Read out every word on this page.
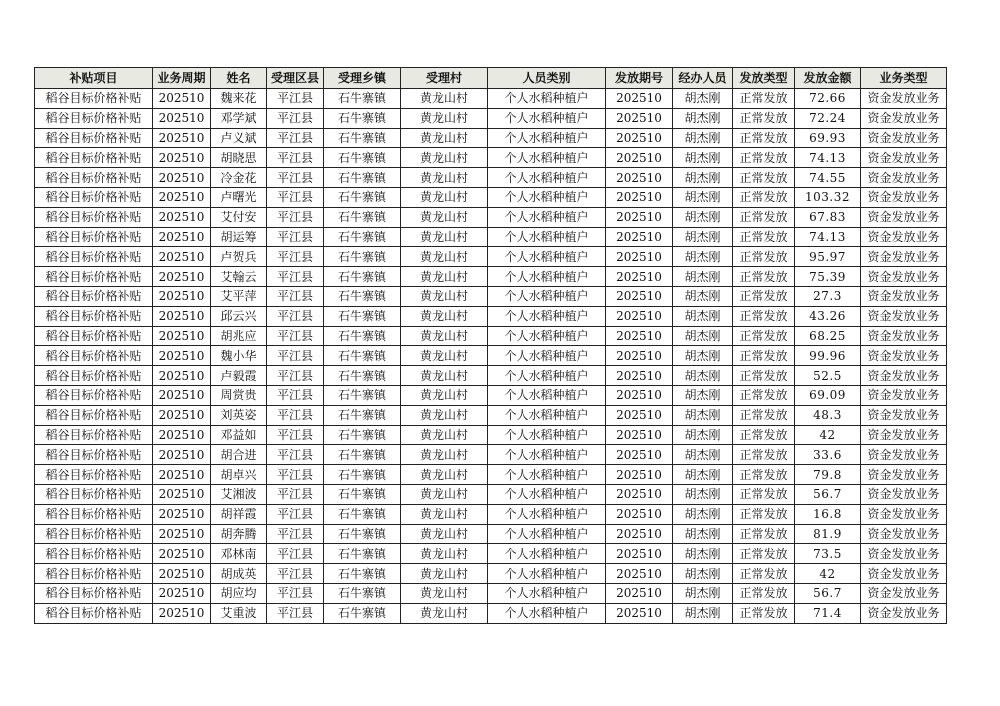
补贴项目	业务周期	姓名	受理区县	受理乡镇	受理村	人员类别	发放期号	经办人员	发放类型	发放金额	业务类型
稻谷目标价格补贴	202510	魏来花	平江县	石牛寨镇	黄龙山村	个人水稻种植户	202510	胡杰刚	正常发放	72.66	资金发放业务
稻谷目标价格补贴	202510	邓学斌	平江县	石牛寨镇	黄龙山村	个人水稻种植户	202510	胡杰刚	正常发放	72.24	资金发放业务
稻谷目标价格补贴	202510	卢义斌	平江县	石牛寨镇	黄龙山村	个人水稻种植户	202510	胡杰刚	正常发放	69.93	资金发放业务
稻谷目标价格补贴	202510	胡晓思	平江县	石牛寨镇	黄龙山村	个人水稻种植户	202510	胡杰刚	正常发放	74.13	资金发放业务
稻谷目标价格补贴	202510	冷金花	平江县	石牛寨镇	黄龙山村	个人水稻种植户	202510	胡杰刚	正常发放	74.55	资金发放业务
稻谷目标价格补贴	202510	卢曙光	平江县	石牛寨镇	黄龙山村	个人水稻种植户	202510	胡杰刚	正常发放	103.32	资金发放业务
稻谷目标价格补贴	202510	艾付安	平江县	石牛寨镇	黄龙山村	个人水稻种植户	202510	胡杰刚	正常发放	67.83	资金发放业务
稻谷目标价格补贴	202510	胡运筹	平江县	石牛寨镇	黄龙山村	个人水稻种植户	202510	胡杰刚	正常发放	74.13	资金发放业务
稻谷目标价格补贴	202510	卢贺兵	平江县	石牛寨镇	黄龙山村	个人水稻种植户	202510	胡杰刚	正常发放	95.97	资金发放业务
稻谷目标价格补贴	202510	艾翰云	平江县	石牛寨镇	黄龙山村	个人水稻种植户	202510	胡杰刚	正常发放	75.39	资金发放业务
稻谷目标价格补贴	202510	艾平萍	平江县	石牛寨镇	黄龙山村	个人水稻种植户	202510	胡杰刚	正常发放	27.3	资金发放业务
稻谷目标价格补贴	202510	邱云兴	平江县	石牛寨镇	黄龙山村	个人水稻种植户	202510	胡杰刚	正常发放	43.26	资金发放业务
稻谷目标价格补贴	202510	胡兆应	平江县	石牛寨镇	黄龙山村	个人水稻种植户	202510	胡杰刚	正常发放	68.25	资金发放业务
稻谷目标价格补贴	202510	魏小华	平江县	石牛寨镇	黄龙山村	个人水稻种植户	202510	胡杰刚	正常发放	99.96	资金发放业务
稻谷目标价格补贴	202510	卢毅霞	平江县	石牛寨镇	黄龙山村	个人水稻种植户	202510	胡杰刚	正常发放	52.5	资金发放业务
稻谷目标价格补贴	202510	周赏贵	平江县	石牛寨镇	黄龙山村	个人水稻种植户	202510	胡杰刚	正常发放	69.09	资金发放业务
稻谷目标价格补贴	202510	刘英姿	平江县	石牛寨镇	黄龙山村	个人水稻种植户	202510	胡杰刚	正常发放	48.3	资金发放业务
稻谷目标价格补贴	202510	邓益如	平江县	石牛寨镇	黄龙山村	个人水稻种植户	202510	胡杰刚	正常发放	42	资金发放业务
稻谷目标价格补贴	202510	胡合进	平江县	石牛寨镇	黄龙山村	个人水稻种植户	202510	胡杰刚	正常发放	33.6	资金发放业务
稻谷目标价格补贴	202510	胡卓兴	平江县	石牛寨镇	黄龙山村	个人水稻种植户	202510	胡杰刚	正常发放	79.8	资金发放业务
稻谷目标价格补贴	202510	艾湘波	平江县	石牛寨镇	黄龙山村	个人水稻种植户	202510	胡杰刚	正常发放	56.7	资金发放业务
稻谷目标价格补贴	202510	胡祥霞	平江县	石牛寨镇	黄龙山村	个人水稻种植户	202510	胡杰刚	正常发放	16.8	资金发放业务
稻谷目标价格补贴	202510	胡奔腾	平江县	石牛寨镇	黄龙山村	个人水稻种植户	202510	胡杰刚	正常发放	81.9	资金发放业务
稻谷目标价格补贴	202510	邓林南	平江县	石牛寨镇	黄龙山村	个人水稻种植户	202510	胡杰刚	正常发放	73.5	资金发放业务
稻谷目标价格补贴	202510	胡成英	平江县	石牛寨镇	黄龙山村	个人水稻种植户	202510	胡杰刚	正常发放	42	资金发放业务
稻谷目标价格补贴	202510	胡应均	平江县	石牛寨镇	黄龙山村	个人水稻种植户	202510	胡杰刚	正常发放	56.7	资金发放业务
稻谷目标价格补贴	202510	艾重波	平江县	石牛寨镇	黄龙山村	个人水稻种植户	202510	胡杰刚	正常发放	71.4	资金发放业务
